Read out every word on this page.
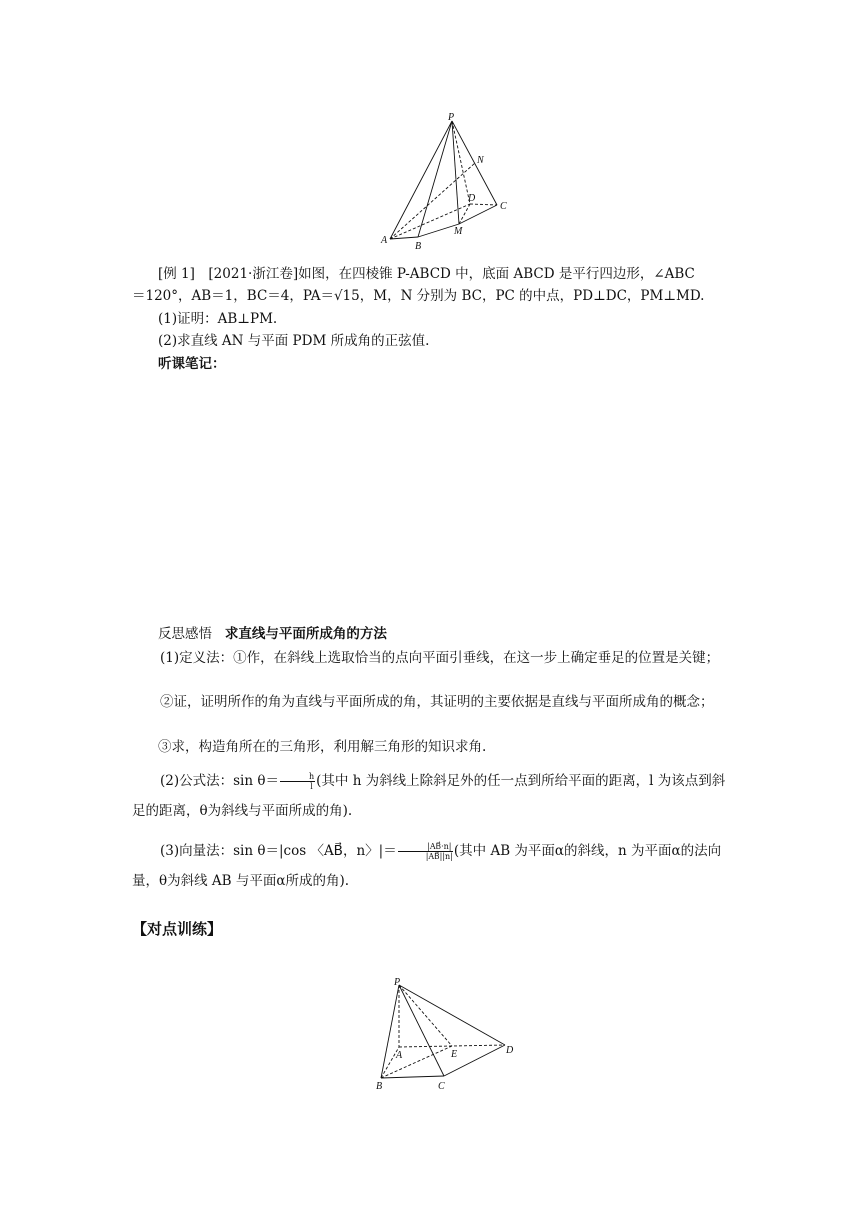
P
N
D
C
A
B
M
[例 1]　[2021·浙江卷]如图，在四棱锥 P-ABCD 中，底面 ABCD 是平行四边形，∠ABC
＝120°，AB＝1，BC＝4，PA＝√15，M，N 分别为 BC，PC 的中点，PD⊥DC，PM⊥MD.
(1)证明：AB⊥PM.
(2)求直线 AN 与平面 PDM 所成角的正弦值.
听课笔记：
反思感悟 求直线与平面所成角的方法
(1)定义法：①作，在斜线上选取恰当的点向平面引垂线，在这一步上确定垂足的位置是关键；
②证，证明所作的角为直线与平面所成的角，其证明的主要依据是直线与平面所成角的概念；
③求，构造角所在的三角形，利用解三角形的知识求角.
(2)公式法：$\sin \theta= \frac{h}{l}$ (其中 h 为斜线上除斜足外的任一点到所给平面的距离，l 为该点到斜足的距离，θ为斜线与平面所成的角).
(3)向量法：sin θ＝|cos 〈AB⃗，n〉|＝ $\frac{|AB⃗\cdot n|}{|AB⃗||n|}$ (其中 AB 为平面α的斜线，n 为平面α的法向量，θ为斜线 AB 与平面α所成的角).
【对点训练】
P
A	E	D
B	C
